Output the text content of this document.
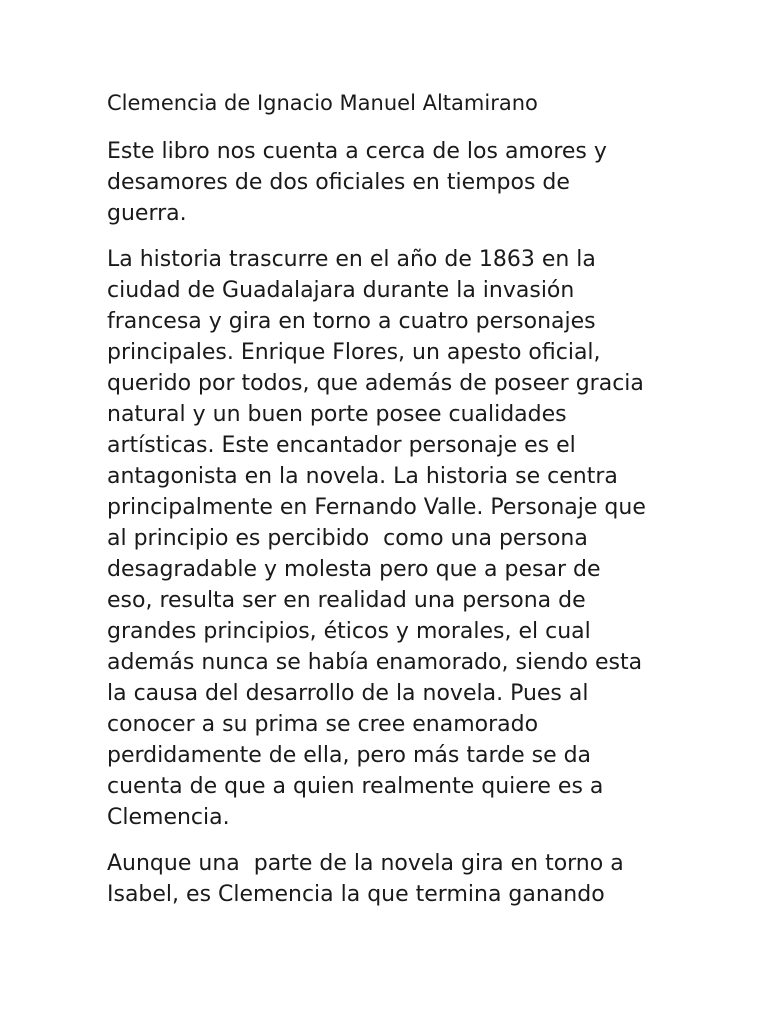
Clemencia de Ignacio Manuel Altamirano
Este libro nos cuenta a cerca de los amores y
desamores de dos oficiales en tiempos de
guerra.
La historia trascurre en el año de 1863 en la
ciudad de Guadalajara durante la invasión
francesa y gira en torno a cuatro personajes
principales. Enrique Flores, un apesto oficial,
querido por todos, que además de poseer gracia
natural y un buen porte posee cualidades
artísticas. Este encantador personaje es el
antagonista en la novela. La historia se centra
principalmente en Fernando Valle. Personaje que
al principio es percibido  como una persona
desagradable y molesta pero que a pesar de
eso, resulta ser en realidad una persona de
grandes principios, éticos y morales, el cual
además nunca se había enamorado, siendo esta
la causa del desarrollo de la novela. Pues al
conocer a su prima se cree enamorado
perdidamente de ella, pero más tarde se da
cuenta de que a quien realmente quiere es a
Clemencia.
Aunque una  parte de la novela gira en torno a
Isabel, es Clemencia la que termina ganando
